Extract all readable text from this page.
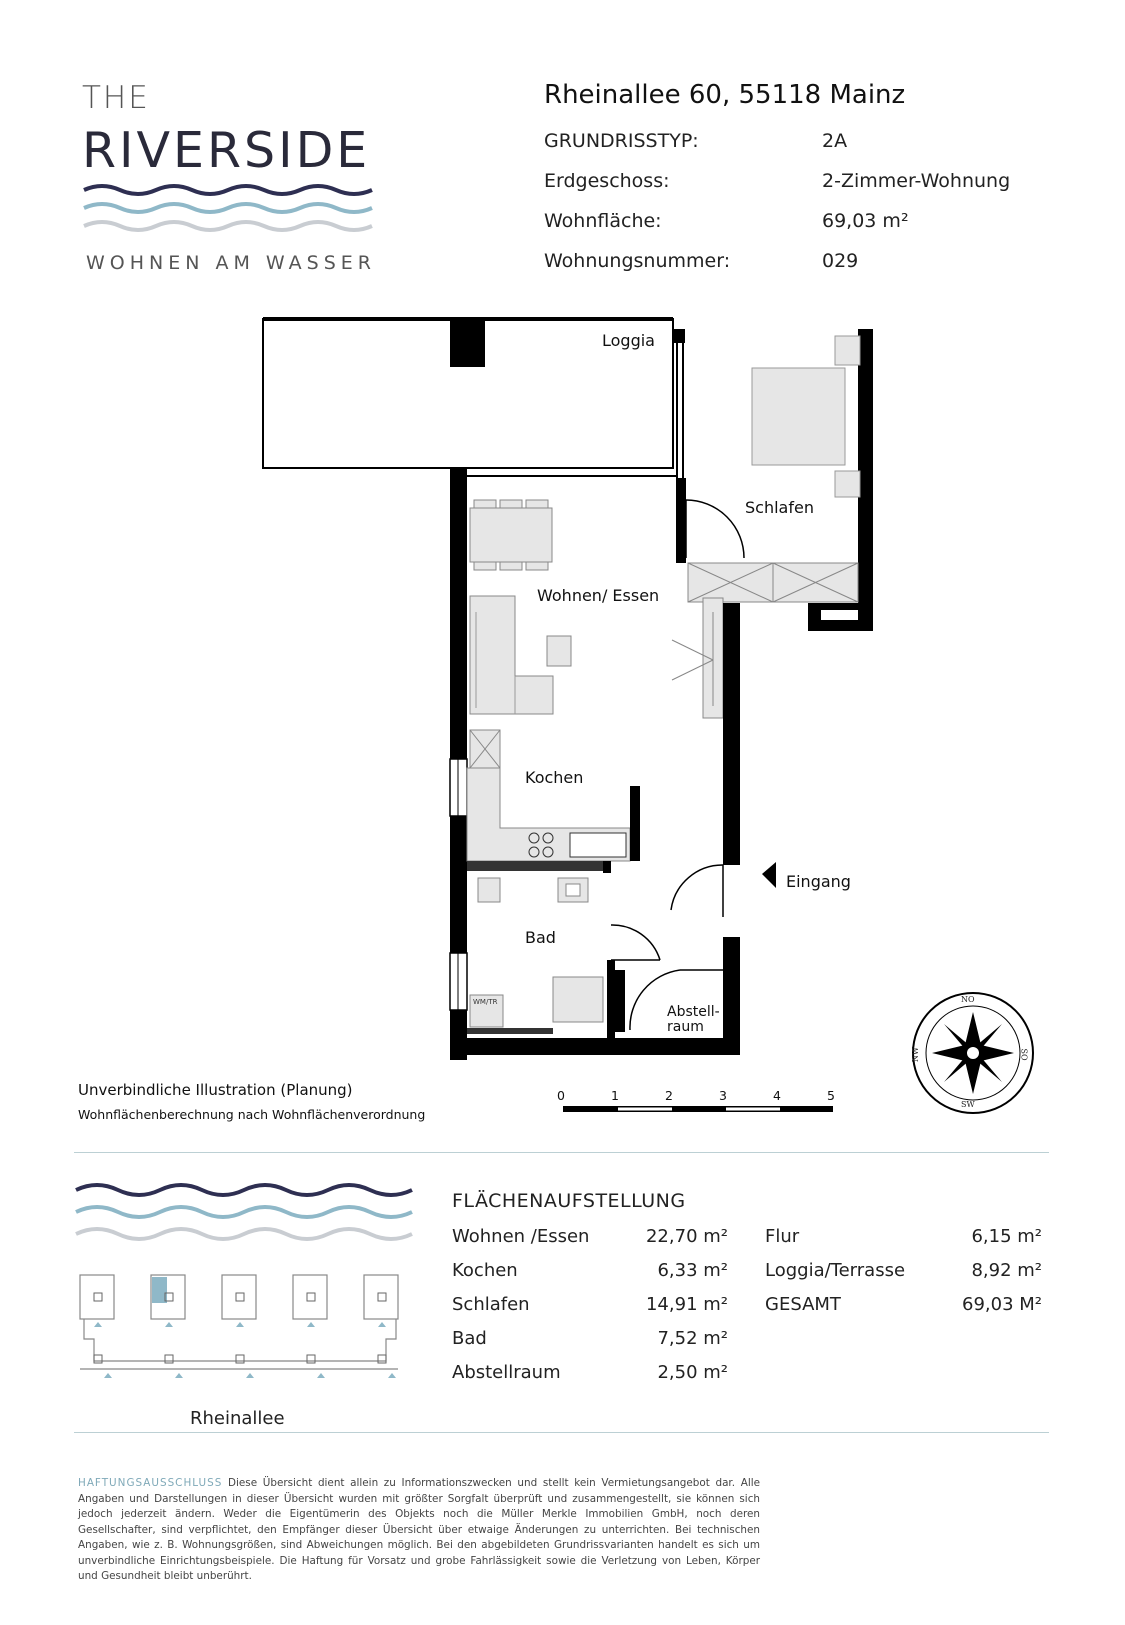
THE
RIVERSIDE
WOHNEN AM WASSER
Rheinallee 60, 55118 Mainz
GRUNDRISSTYP:	2A
Erdgeschoss:	2-Zimmer-Wohnung
Wohnfläche:	69,03 m²
Wohnungsnummer:	029
Loggia
Schlafen
Wohnen/ Essen
Kochen
Bad
Abstell-
raum
Eingang
WM/TR
0	1	2	3	4	5
NO
SO
SW
NW
Unverbindliche Illustration (Planung)
Wohnflächenberechnung nach Wohnflächenverordnung
Rheinallee
FLÄCHENAUFSTELLUNG
Wohnen /Essen	22,70 m²
Kochen	6,33 m²
Schlafen	14,91 m²
Bad	7,52 m²
Abstellraum	2,50 m²
Flur	6,15 m²
Loggia/Terrasse	8,92 m²
GESAMT	69,03 M²
HAFTUNGSAUSSCHLUSS Diese Übersicht dient allein zu Informationszwecken und stellt kein Vermietungsangebot dar. Alle Angaben und Darstellungen in dieser Übersicht wurden mit größter Sorgfalt überprüft und zusammengestellt, sie können sich jedoch jederzeit ändern. Weder die Eigentümerin des Objekts noch die Müller Merkle Immobilien GmbH, noch deren Gesellschafter, sind verpflichtet, den Empfänger dieser Übersicht über etwaige Änderungen zu unterrichten. Bei technischen Angaben, wie z. B. Wohnungsgrößen, sind Abweichungen möglich. Bei den abgebildeten Grundrissvarianten handelt es sich um unverbindliche Einrichtungsbeispiele. Die Haftung für Vorsatz und grobe Fahrlässigkeit sowie die Verletzung von Leben, Körper und Gesundheit bleibt unberührt.
